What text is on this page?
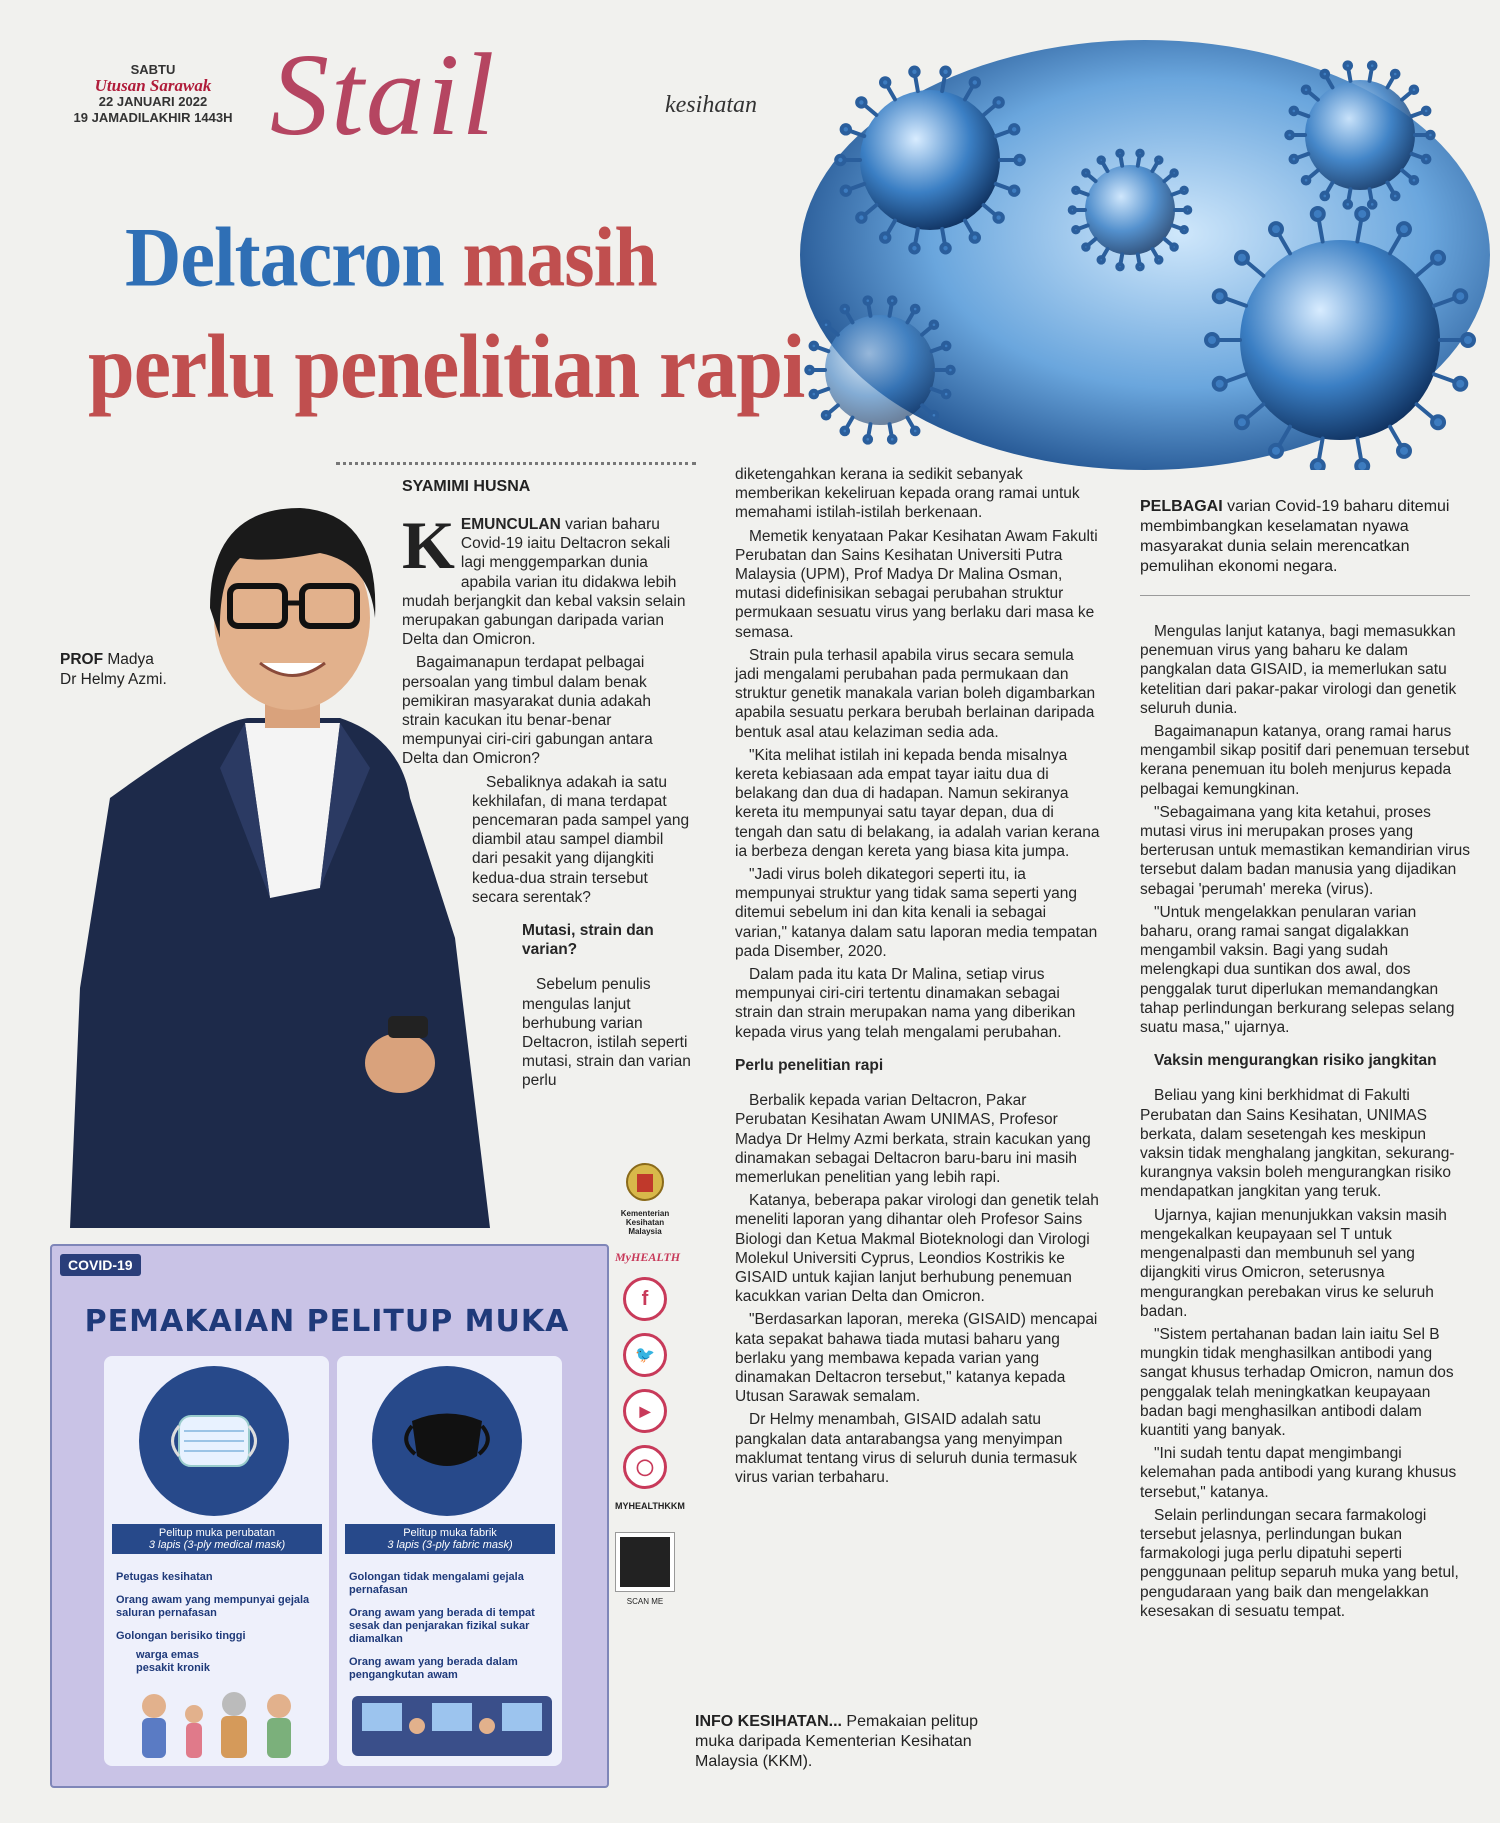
SABTU
Utusan Sarawak
22 JANUARI 2022
19 JAMADILAKHIR 1443H Stail	kesihatan
Deltacron masih
perlu penelitian rapi
PROF Madya
Dr Helmy Azmi.
SYAMIMI HUSNA

K EMUNCULAN varian baharu Covid-19 iaitu Deltacron sekali lagi menggemparkan dunia apabila varian itu didakwa lebih mudah berjangkit dan kebal vaksin selain merupakan gabungan daripada varian Delta dan Omicron.

Bagaimanapun terdapat pelbagai persoalan yang timbul dalam benak pemikiran masyarakat dunia adakah strain kacukan itu benar-benar mempunyai ciri-ciri gabungan antara Delta dan Omicron?

Sebaliknya adakah ia satu kekhilafan, di mana terdapat pencemaran pada sampel yang diambil atau sampel diambil dari pesakit yang dijangkiti kedua-dua strain tersebut secara serentak?

Mutasi, strain dan varian?

Sebelum penulis mengulas lanjut berhubung varian Deltacron, istilah seperti mutasi, strain dan varian perlu

diketengahkan kerana ia sedikit sebanyak memberikan kekeliruan kepada orang ramai untuk memahami istilah-istilah berkenaan.

Memetik kenyataan Pakar Kesihatan Awam Fakulti Perubatan dan Sains Kesihatan Universiti Putra Malaysia (UPM), Prof Madya Dr Malina Osman, mutasi didefinisikan sebagai perubahan struktur permukaan sesuatu virus yang berlaku dari masa ke semasa.

Strain pula terhasil apabila virus secara semula jadi mengalami perubahan pada permukaan dan struktur genetik manakala varian boleh digambarkan apabila sesuatu perkara berubah berlainan daripada bentuk asal atau kelaziman sedia ada.

"Kita melihat istilah ini kepada benda misalnya kereta kebiasaan ada empat tayar iaitu dua di belakang dan dua di hadapan. Namun sekiranya kereta itu mempunyai satu tayar depan, dua di tengah dan satu di belakang, ia adalah varian kerana ia berbeza dengan kereta yang biasa kita jumpa.

"Jadi virus boleh dikategori seperti itu, ia mempunyai struktur yang tidak sama seperti yang ditemui sebelum ini dan kita kenali ia sebagai varian," katanya dalam satu laporan media tempatan pada Disember, 2020.

Dalam pada itu kata Dr Malina, setiap virus mempunyai ciri-ciri tertentu dinamakan sebagai strain dan strain merupakan nama yang diberikan kepada virus yang telah mengalami perubahan.

Perlu penelitian rapi

Berbalik kepada varian Deltacron, Pakar Perubatan Kesihatan Awam UNIMAS, Profesor Madya Dr Helmy Azmi berkata, strain kacukan yang dinamakan sebagai Deltacron baru-baru ini masih memerlukan penelitian yang lebih rapi.

Katanya, beberapa pakar virologi dan genetik telah meneliti laporan yang dihantar oleh Profesor Sains Biologi dan Ketua Makmal Bioteknologi dan Virologi Molekul Universiti Cyprus, Leondios Kostrikis ke GISAID untuk kajian lanjut berhubung penemuan kacukkan varian Delta dan Omicron.

"Berdasarkan laporan, mereka (GISAID) mencapai kata sepakat bahawa tiada mutasi baharu yang berlaku yang membawa kepada varian yang dinamakan Deltacron tersebut," katanya kepada Utusan Sarawak semalam.

Dr Helmy menambah, GISAID adalah satu pangkalan data antarabangsa yang menyimpan maklumat tentang virus di seluruh dunia termasuk virus varian terbaharu.

PELBAGAI varian Covid-19 baharu ditemui membimbangkan keselamatan nyawa masyarakat dunia selain merencatkan pemulihan ekonomi negara.

Mengulas lanjut katanya, bagi memasukkan penemuan virus yang baharu ke dalam pangkalan data GISAID, ia memerlukan satu ketelitian dari pakar-pakar virologi dan genetik seluruh dunia.

Bagaimanapun katanya, orang ramai harus mengambil sikap positif dari penemuan tersebut kerana penemuan itu boleh menjurus kepada pelbagai kemungkinan.

"Sebagaimana yang kita ketahui, proses mutasi virus ini merupakan proses yang berterusan untuk memastikan kemandirian virus tersebut dalam badan manusia yang dijadikan sebagai 'perumah' mereka (virus).

"Untuk mengelakkan penularan varian baharu, orang ramai sangat digalakkan mengambil vaksin. Bagi yang sudah melengkapi dua suntikan dos awal, dos penggalak turut diperlukan memandangkan tahap perlindungan berkurang selepas selang suatu masa," ujarnya.

Vaksin mengurangkan risiko jangkitan

Beliau yang kini berkhidmat di Fakulti Perubatan dan Sains Kesihatan, UNIMAS berkata, dalam sesetengah kes meskipun vaksin tidak menghalang jangkitan, sekurang-kurangnya vaksin boleh mengurangkan risiko mendapatkan jangkitan yang teruk.

Ujarnya, kajian menunjukkan vaksin masih mengekalkan keupayaan sel T untuk mengenalpasti dan membunuh sel yang dijangkiti virus Omicron, seterusnya mengurangkan perebakan virus ke seluruh badan.

"Sistem pertahanan badan lain iaitu Sel B mungkin tidak menghasilkan antibodi yang sangat khusus terhadap Omicron, namun dos penggalak telah meningkatkan keupayaan badan bagi menghasilkan antibodi dalam kuantiti yang banyak.

"Ini sudah tentu dapat mengimbangi kelemahan pada antibodi yang kurang khusus tersebut," katanya.

Selain perlindungan secara farmakologi tersebut jelasnya, perlindungan bukan farmakologi juga perlu dipatuhi seperti penggunaan pelitup separuh muka yang betul, pengudaraan yang baik dan mengelakkan kesesakan di sesuatu tempat.

COVID-19
PEMAKAIAN PELITUP MUKA
Pelitup muka perubatan
3 lapis (3-ply medical mask)
Petugas kesihatan
Orang awam yang mempunyai gejala saluran pernafasan
Golongan berisiko tinggi
warga emas
pesakit kronik
Pelitup muka fabrik
3 lapis (3-ply fabric mask)
Golongan tidak mengalami gejala pernafasan
Orang awam yang berada di tempat sesak dan penjarakan fizikal sukar diamalkan
Orang awam yang berada dalam pengangkutan awam
Kementerian Kesihatan Malaysia
MyHEALTH
f
🐦
▶
◯
MYHEALTHKKM
SCAN ME
INFO KESIHATAN... Pemakaian pelitup muka daripada Kementerian Kesihatan Malaysia (KKM).
